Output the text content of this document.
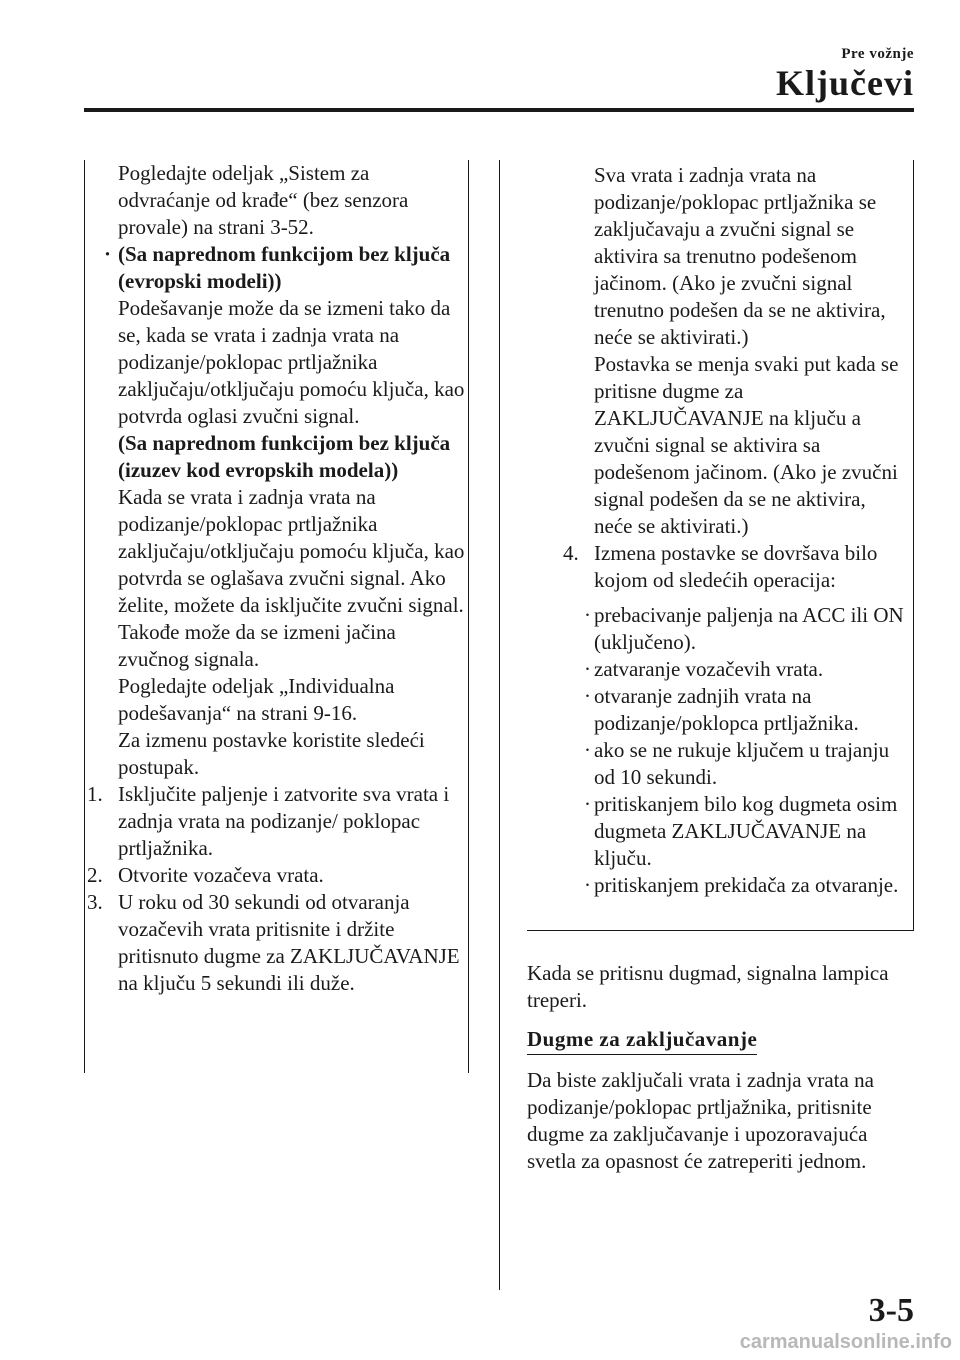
Pre vožnje
Ključevi

Pogledajte odeljak „Sistem za odvraćanje od krađe“ (bez senzora provale) na strani 3-52.

· (Sa naprednom funkcijom bez ključa (evropski modeli))

Podešavanje može da se izmeni tako da se, kada se vrata i zadnja vrata na podizanje/poklopac prtljažnika zaključaju/otključaju pomoću ključa, kao potvrda oglasi zvučni signal.

(Sa naprednom funkcijom bez ključa (izuzev kod evropskih modela))

Kada se vrata i zadnja vrata na podizanje/poklopac prtljažnika zaključaju/otključaju pomoću ključa, kao potvrda se oglašava zvučni signal. Ako želite, možete da isključite zvučni signal.

Takođe može da se izmeni jačina zvučnog signala.

Pogledajte odeljak „Individualna podešavanja“ na strani 9-16.

Za izmenu postavke koristite sledeći postupak.

1. Isključite paljenje i zatvorite sva vrata i zadnja vrata na podizanje/ poklopac prtljažnika.

2. Otvorite vozačeva vrata.

3. U roku od 30 sekundi od otvaranja vozačevih vrata pritisnite i držite pritisnuto dugme za ZAKLJUČAVANJE na ključu 5 sekundi ili duže.

Sva vrata i zadnja vrata na podizanje/poklopac prtljažnika se zaključavaju a zvučni signal se aktivira sa trenutno podešenom jačinom. (Ako je zvučni signal trenutno podešen da se ne aktivira, neće se aktivirati.)

Postavka se menja svaki put kada se pritisne dugme za ZAKLJUČAVANJE na ključu a zvučni signal se aktivira sa podešenom jačinom. (Ako je zvučni signal podešen da se ne aktivira, neće se aktivirati.)

4. Izmena postavke se dovršava bilo kojom od sledećih operacija:

· prebacivanje paljenja na ACC ili ON (uključeno).

· zatvaranje vozačevih vrata.

· otvaranje zadnjih vrata na podizanje/poklopca prtljažnika.

· ako se ne rukuje ključem u trajanju od 10 sekundi.

· pritiskanjem bilo kog dugmeta osim dugmeta ZAKLJUČAVANJE na ključu.

· pritiskanjem prekidača za otvaranje.

Kada se pritisnu dugmad, signalna lampica treperi.

Dugme za zaključavanje

Da biste zaključali vrata i zadnja vrata na podizanje/poklopac prtljažnika, pritisnite dugme za zaključavanje i upozoravajuća svetla za opasnost će zatreperiti jednom.

3-5
carmanualsonline.info
